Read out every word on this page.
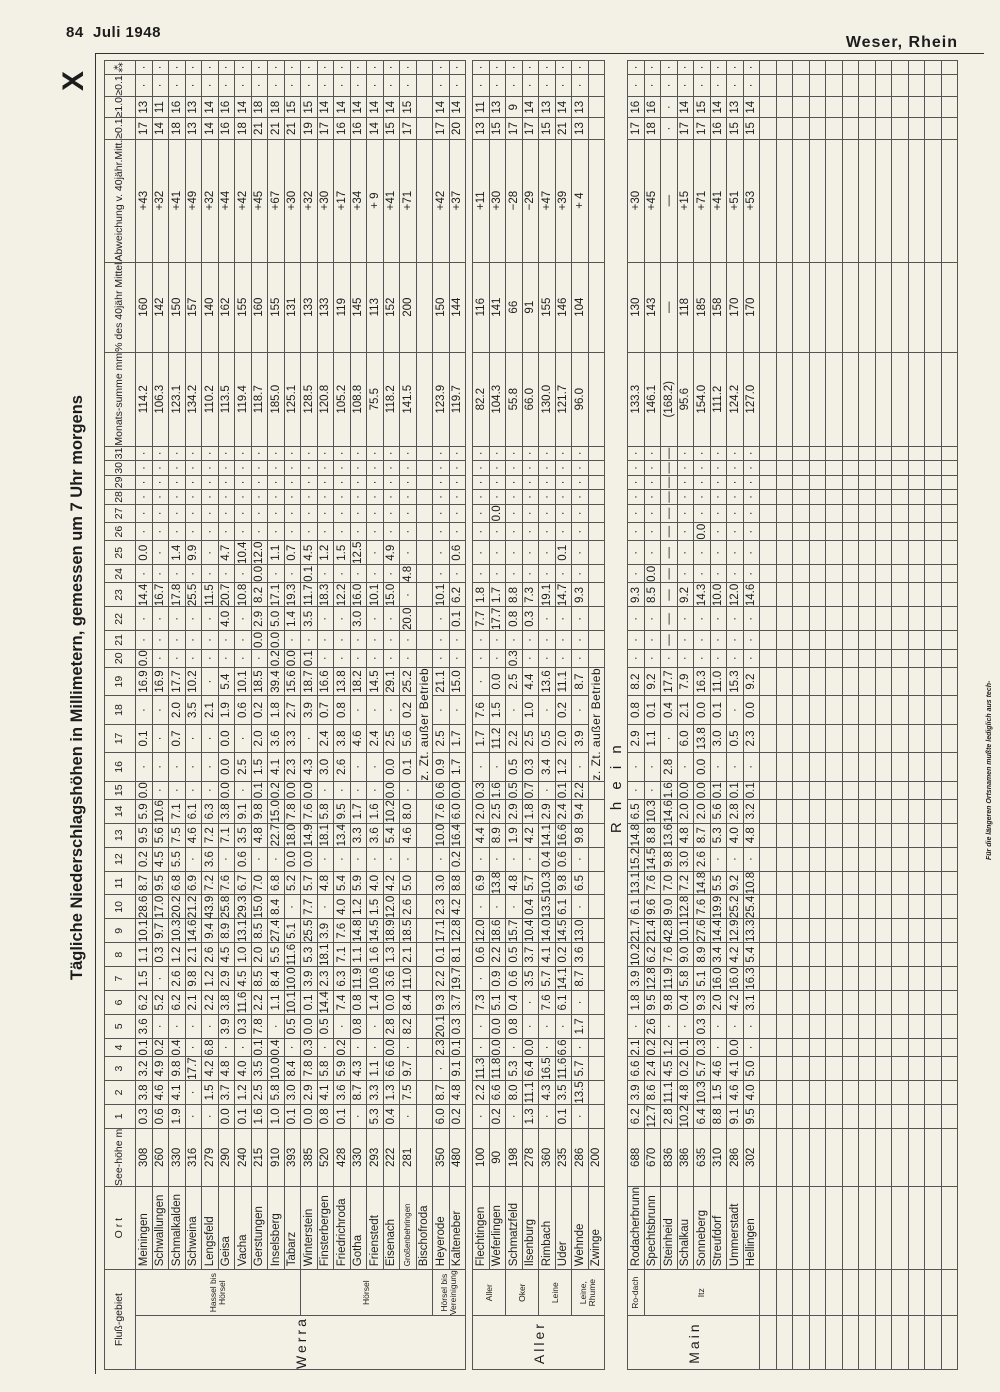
84 Juli 1948
Weser, Rhein
X
Tägliche Niederschlagshöhen in Millimetern, gemessen um 7 Uhr morgens	Für die längeren Ortsnamen mußte lediglich aus tech-
Fluß-gebiet		O r t	See-höhe m	1	2	3	4	5	6	7	8	9	10	11	12	13	14	15	16	17	18	19	20	21	22	23	24	25	26	27	28	29	30	31	Monats-summe mm	% des 40jähr Mittel	Abweichung v. 40jähr.Mitt.	≥0.1	≥1.0	≥0.1	⁂
Werra	Hassel bis Hörsel	Meiningen	308	0.3	3.8	3.2	0.1	3.6	6.2	1.5	1.1	10.1	28.6	8.7	0.2	9.5	5.9	0.0	·	0.1	·	16.9	0.0	·	·	14.4	·	0.0	·	·	·	·	·	·	114.2	160	+43	17	13	·	·
		Schwallungen	260	0.6	4.6	4.9	0.2	·	5.2	·	0.3	9.7	17.0	9.5	4.5	5.6	10.6	·	·	·	·	16.9	·	·	·	16.7	·	·	·	·	·	·	·	·	106.3	142	+32	14	11	·	·
		Schmalkalden	330	1.9	4.1	9.8	0.4	·	6.2	2.6	1.2	10.3	20.2	6.8	5.5	7.5	7.1	·	·	0.7	2.0	17.7	·	·	·	17.8	·	1.4	·	·	·	·	·	·	123.1	150	+41	18	16	·	·
		Schweina	316	·	·	17.7	·	·	2.1	9.8	2.1	14.6	21.2	6.9	·	4.6	6.1	·	·	·	3.5	10.2	·	·	·	25.5	·	9.9	·	·	·	·	·	·	134.2	157	+49	13	13	·	·
		Lengsfeld	279	·	1.5	4.2	6.8	·	2.2	1.2	2.6	9.4	43.9	7.2	3.6	7.2	6.3	·	·	·	2.1	·	·	·	·	11.5	·	·	·	·	·	·	·	·	110.2	140	+32	14	14	·	·
		Geisa	290	0.0	3.7	4.8	·	3.9	3.8	2.9	4.5	8.9	25.8	7.6	·	7.1	3.8	0.0	0.0	0.0	1.9	5.4	·	·	4.0	20.7	·	4.7	·	·	·	·	·	·	113.5	162	+44	16	16	·	·
		Vacha	240	0.1	1.2	4.0	·	0.3	11.6	4.5	1.0	13.1	29.3	6.7	0.6	3.5	9.1	·	2.5	·	0.6	10.1	·	·	·	10.8	·	10.4	·	·	·	·	·	·	119.4	155	+42	18	14	·	·
		Gerstungen	215	1.6	2.5	3.5	0.1	7.8	2.2	8.5	2.0	8.5	15.0	7.0	·	4.8	9.8	0.1	1.5	2.0	0.2	18.5	·	0.0	2.9	8.2	0.0	12.0	·	·	·	·	·	·	118.7	160	+45	21	18	·	·
		Inselsberg	910	1.0	5.8	10.0	0.4	·	1.1	8.4	5.5	27.4	8.4	6.8	·	22.7	15.0	0.2	4.1	3.6	1.8	39.4	0.2	0.0	5.0	17.1	·	1.1	·	·	·	·	·	·	185.0	155	+67	21	18	·	·
		Tabarz	393	0.1	3.0	8.4	·	0.5	10.1	10.0	11.6	5.1	·	5.2	0.0	18.0	7.8	0.0	2.3	3.3	2.7	15.6	0.0	·	1.4	19.3	·	0.7	·	·	·	·	·	·	125.1	131	+30	21	15	·	·
	Hörsel	Winterstein	385	0.0	2.9	7.8	0.3	0.0	0.1	3.9	5.3	25.5	7.7	5.7	0.0	14.9	7.6	0.0	4.3	·	3.9	18.7	0.1	·	3.5	11.7	0.1	4.5	·	·	·	·	·	·	128.5	133	+32	19	15	·	·
		Finsterbergen	520	0.8	4.1	5.8	·	0.5	14.4	2.3	18.1	3.9	·	4.8	·	18.1	5.8	·	3.0	2.4	0.7	16.6	·	·	·	18.3	·	1.2	·	·	·	·	·	·	120.8	133	+30	17	14	·	·
		Friedrichroda	428	0.1	3.6	5.9	0.2	·	7.4	6.3	7.1	7.6	4.0	5.4	·	13.4	9.5	·	2.6	3.8	0.8	13.8	·	·	·	12.2	·	1.5	·	·	·	·	·	·	105.2	119	+17	16	14	·	·
		Gotha	330	·	8.7	4.3	·	0.8	0.8	11.9	1.1	14.8	1.2	5.9	·	3.3	1.7	·	·	4.6	·	18.2	·	·	3.0	16.0	·	12.5	·	·	·	·	·	·	108.8	145	+34	16	14	·	·
		Frienstedt	293	5.3	3.3	1.1	·	·	1.4	10.6	1.6	14.5	1.5	4.0	·	3.6	1.6	·	·	2.4	·	14.5	·	·	·	10.1	·	·	·	·	·	·	·	·	75.5	113	+ 9	14	14	·	·
		Eisenach	222	0.4	1.3	6.6	0.0	2.8	0.0	3.6	1.3	18.9	12.0	4.2	·	5.4	10.2	0.0	0.0	2.5	·	29.1	·	·	·	15.0	·	4.9	·	·	·	·	·	·	118.2	152	+41	15	14	·	·
		Großenbehringen	281	·	7.5	9.7	·	8.2	8.4	11.0	2.1	18.5	2.6	5.0	·	4.6	8.0	·	0.1	5.6	0.2	25.2	·	·	20.0	·	4.8	·	·	·	·	·	·	·	141.5	200	+71	17	15	·	·
		Bischofroda																	z. Zt. außer Betrieb																						
	Hörsel bis Vereinigung	Heyerode	350	6.0	8.7	·	2.3	20.1	9.3	2.2	0.1	17.1	2.3	3.0	·	10.0	7.6	0.6	0.9	2.5	·	21.1	·	·	·	10.1	·	·	·	·	·	·	·	·	123.9	150	+42	17	14	·	·
		Kalteneber	480	0.2	4.8	9.1	0.1	0.3	3.7	19.7	8.1	12.8	4.2	8.8	0.2	16.4	6.0	0.0	1.7	1.7	·	15.0	·	·	0.1	6.2	·	0.6	·	·	·	·	·	·	119.7	144	+37	20	14	·	·

Aller	Aller	Flechtingen	100	·	2.2	11.3	·	·	7.3	·	0.6	12.0	·	6.9	·	4.4	2.0	0.3	·	1.7	7.6	·	·	·	7.7	1.8	·	·	·	·	·	·	·	·	82.2	116	+11	13	11	·	·
		Weferlingen	90	0.2	6.6	11.8	0.0	0.0	5.1	0.9	2.2	18.6	·	13.8	·	8.9	2.5	1.6	·	11.2	1.5	0.0	·	·	17.7	1.7	·	·	·	0.0	·	·	·	·	104.3	141	+30	15	13	·	·
	Oker	Schmatzfeld	198	·	8.0	5.3	·	0.8	0.4	0.6	0.5	15.7	·	4.8	·	1.9	2.9	0.5	0.5	2.2	·	2.5	0.3	·	0.8	8.8	·	·	·	·	·	·	·	·	55.8	66	−28	17	9	·	·
		Ilsenburg	278	1.3	11.1	6.4	0.0	·	·	3.5	3.7	10.4	0.4	5.7	·	4.2	1.8	0.7	0.3	2.5	1.0	4.4	·	·	0.3	7.3	·	·	·	·	·	·	·	·	66.0	91	−29	17	14	·	·
	Leine	Rimbach	360	·	4.3	16.5	·	·	7.6	5.7	4.1	14.0	13.5	10.3	0.4	14.1	2.9	·	3.4	0.5	·	13.6	·	·	·	19.1	·	·	·	·	·	·	·	·	130.0	155	+47	15	13	·	·
		Uder	235	0.1	3.5	11.6	6.6	·	6.1	14.1	0.2	14.5	6.1	9.8	0.6	16.6	2.4	0.1	1.2	2.0	0.2	11.1	·	·	·	14.7	·	0.1	·	·	·	·	·	·	121.7	146	+39	21	14	·	·
	Leine, Rhume	Wehnde	286	·	13.5	5.7	·	1.7	·	8.7	3.6	13.0	·	6.5	·	9.8	9.4	2.2	·	3.9	·	8.7	·	·	·	9.3	·	·	·	·	·	·	·	·	96.0	104	+ 4	13	13	·	·
		Zwinge	200																z. Zt. außer Betrieb																						
				R h e i n																																					
Main	Ro-dach	Rodacherbrunn	688	6.2	3.9	6.6	2.1	·	1.8	3.9	10.2	21.7	6.1	13.1	15.2	14.8	6.5	·	·	2.9	0.8	8.2	·	·	·	9.3	·	·	·	·	·	·	·	·	133.3	130	+30	17	16	·	·
	Itz	Spechtsbrunn	670	12.7	8.6	2.4	0.2	2.6	9.5	12.8	6.2	21.4	9.6	7.6	14.5	8.8	10.3	·	·	1.1	0.1	9.2	·	·	·	8.5	0.0	·	·	·	·	·	·	·	146.1	143	+45	18	16	·	·
		Steinheid	836	2.8	11.1	4.5	1.2	·	9.8	11.9	7.6	42.8	9.0	7.0	9.8	13.6	14.6	1.6	2.8	·	0.4	17.7	·	—	—	—	—	—	—	—	—	—	—	—	(168.2)	—	—	·	·	·	·
		Schalkau	386	10.2	4.8	0.2	0.1	·	0.4	5.8	9.0	10.1	12.8	7.2	3.0	4.8	2.0	0.0	·	6.0	2.1	7.9	·	·	·	9.2	·	·	·	·	·	·	·	·	95.6	118	+15	17	14	·	·
		Sonneberg	635	6.4	10.3	5.7	0.3	0.3	9.3	5.1	8.9	27.6	7.6	14.8	2.6	8.7	2.0	0.0	0.0	13.8	0.0	16.3	·	·	·	14.3	·	·	0.0	·	·	·	·	·	154.0	185	+71	17	15	·	·
		Streufdorf	310	8.8	1.5	4.6	·	·	2.0	16.0	3.4	14.4	19.9	5.5	·	5.3	5.6	0.1	·	3.0	0.1	11.0	·	·	·	10.0	·	·	·	·	·	·	·	·	111.2	158	+41	16	14	·	·
		Ummerstadt	286	9.1	4.6	4.1	0.0	·	4.2	16.0	4.2	12.9	25.2	9.2	·	4.0	2.8	0.1	·	0.5	·	15.3	·	·	·	12.0	·	·	·	·	·	·	·	·	124.2	170	+51	15	13	·	·
		Hellingen	302	9.5	4.0	5.0	·	·	3.1	16.3	5.4	13.3	25.4	10.8	·	4.8	3.2	0.1	·	2.3	0.0	9.2	·	·	·	14.6	·	·	·	·	·	·	·	·	127.0	170	+53	15	14	·	·
